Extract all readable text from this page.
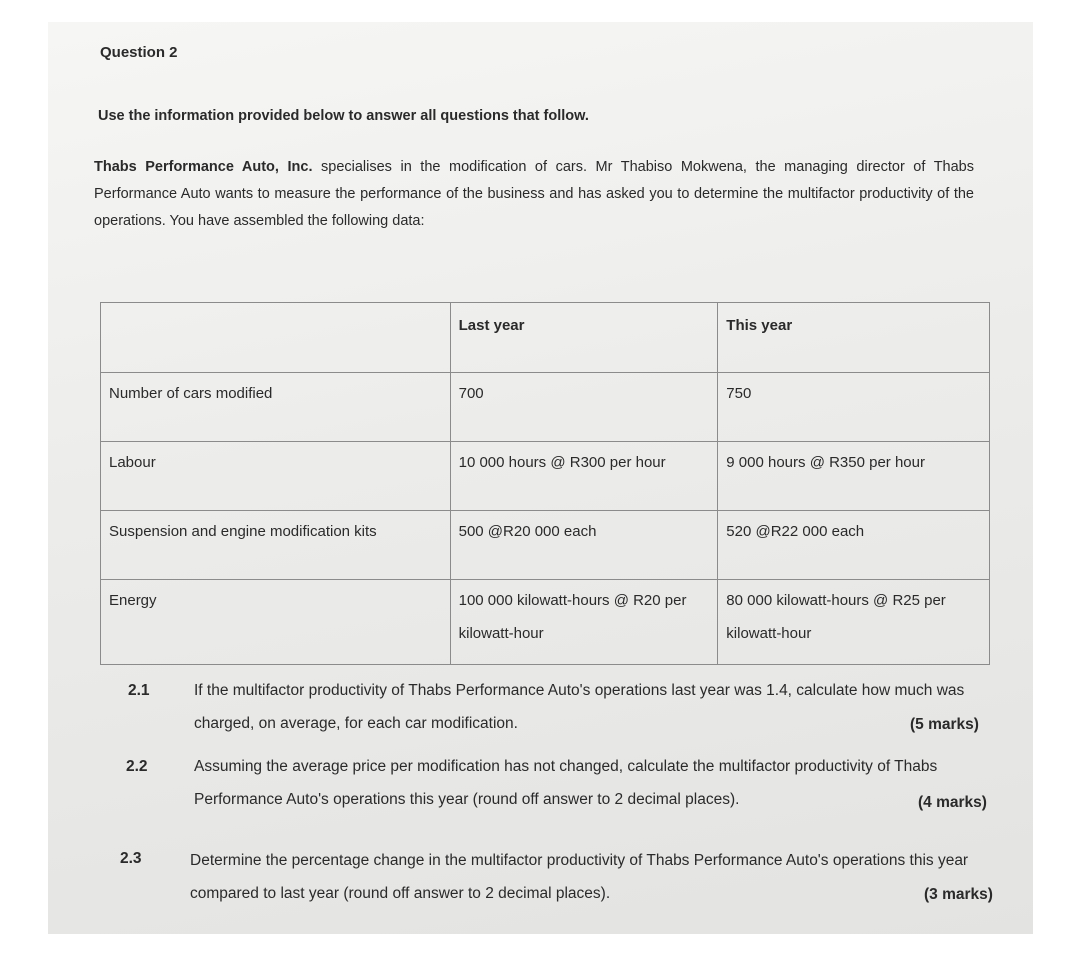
Question 2
Use the information provided below to answer all questions that follow.
Thabs Performance Auto, Inc. specialises in the modification of cars. Mr Thabiso Mokwena, the managing director of Thabs Performance Auto wants to measure the performance of the business and has asked you to determine the multifactor productivity of the operations. You have assembled the following data:
	Last year	This year
Number of cars modified	700	750
Labour	10 000 hours @ R300 per hour	9 000 hours @ R350 per hour
Suspension and engine modification kits	500 @R20 000 each	520 @R22 000 each
Energy	100 000 kilowatt-hours @ R20 per kilowatt-hour	80 000 kilowatt-hours @ R25 per kilowatt-hour
2.1	If the multifactor productivity of Thabs Performance Auto's operations last year was 1.4, calculate how much was charged, on average, for each car modification.	(5 marks)
2.2	Assuming the average price per modification has not changed, calculate the multifactor productivity of Thabs Performance Auto's operations this year (round off answer to 2 decimal places).	(4 marks)
2.3	Determine the percentage change in the multifactor productivity of Thabs Performance Auto's operations this year compared to last year (round off answer to 2 decimal places).	(3 marks)
